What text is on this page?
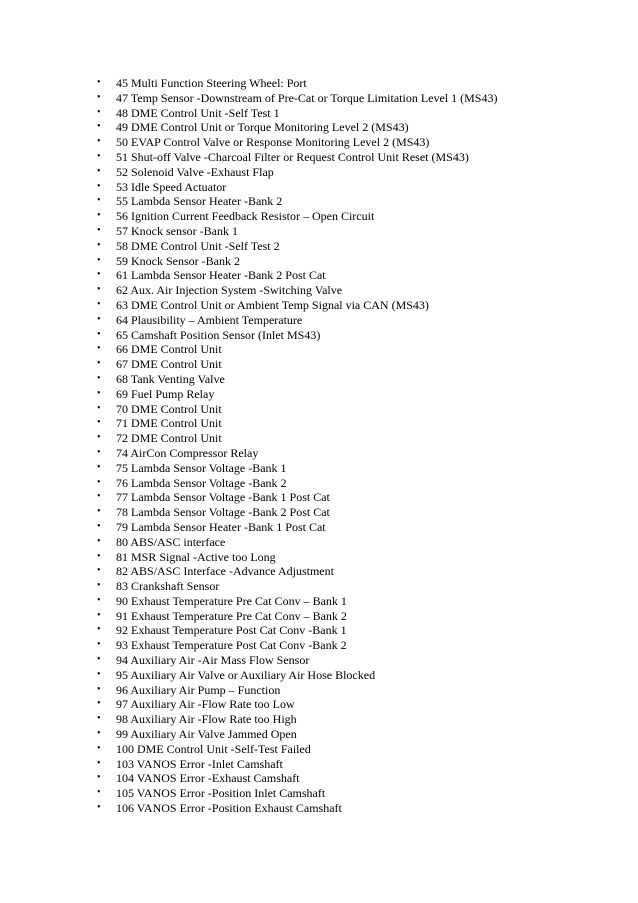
• 45 Multi Function Steering Wheel: Port
• 47 Temp Sensor -Downstream of Pre-Cat or Torque Limitation Level 1 (MS43)
• 48 DME Control Unit -Self Test 1
• 49 DME Control Unit or Torque Monitoring Level 2 (MS43)
• 50 EVAP Control Valve or Response Monitoring Level 2 (MS43)
• 51 Shut-off Valve -Charcoal Filter or Request Control Unit Reset (MS43)
• 52 Solenoid Valve -Exhaust Flap
• 53 Idle Speed Actuator
• 55 Lambda Sensor Heater -Bank 2
• 56 Ignition Current Feedback Resistor – Open Circuit
• 57 Knock sensor -Bank 1
• 58 DME Control Unit -Self Test 2
• 59 Knock Sensor -Bank 2
• 61 Lambda Sensor Heater -Bank 2 Post Cat
• 62 Aux. Air Injection System -Switching Valve
• 63 DME Control Unit or Ambient Temp Signal via CAN (MS43)
• 64 Plausibility – Ambient Temperature
• 65 Camshaft Position Sensor (Inlet MS43)
• 66 DME Control Unit
• 67 DME Control Unit
• 68 Tank Venting Valve
• 69 Fuel Pump Relay
• 70 DME Control Unit
• 71 DME Control Unit
• 72 DME Control Unit
• 74 AirCon Compressor Relay
• 75 Lambda Sensor Voltage -Bank 1
• 76 Lambda Sensor Voltage -Bank 2
• 77 Lambda Sensor Voltage -Bank 1 Post Cat
• 78 Lambda Sensor Voltage -Bank 2 Post Cat
• 79 Lambda Sensor Heater -Bank 1 Post Cat
• 80 ABS/ASC interface
• 81 MSR Signal -Active too Long
• 82 ABS/ASC Interface -Advance Adjustment
• 83 Crankshaft Sensor
• 90 Exhaust Temperature Pre Cat Conv – Bank 1
• 91 Exhaust Temperature Pre Cat Conv – Bank 2
• 92 Exhaust Temperature Post Cat Conv -Bank 1
• 93 Exhaust Temperature Post Cat Conv -Bank 2
• 94 Auxiliary Air -Air Mass Flow Sensor
• 95 Auxiliary Air Valve or Auxiliary Air Hose Blocked
• 96 Auxiliary Air Pump – Function
• 97 Auxiliary Air -Flow Rate too Low
• 98 Auxiliary Air -Flow Rate too High
• 99 Auxiliary Air Valve Jammed Open
• 100 DME Control Unit -Self-Test Failed
• 103 VANOS Error -Inlet Camshaft
• 104 VANOS Error -Exhaust Camshaft
• 105 VANOS Error -Position Inlet Camshaft
• 106 VANOS Error -Position Exhaust Camshaft
